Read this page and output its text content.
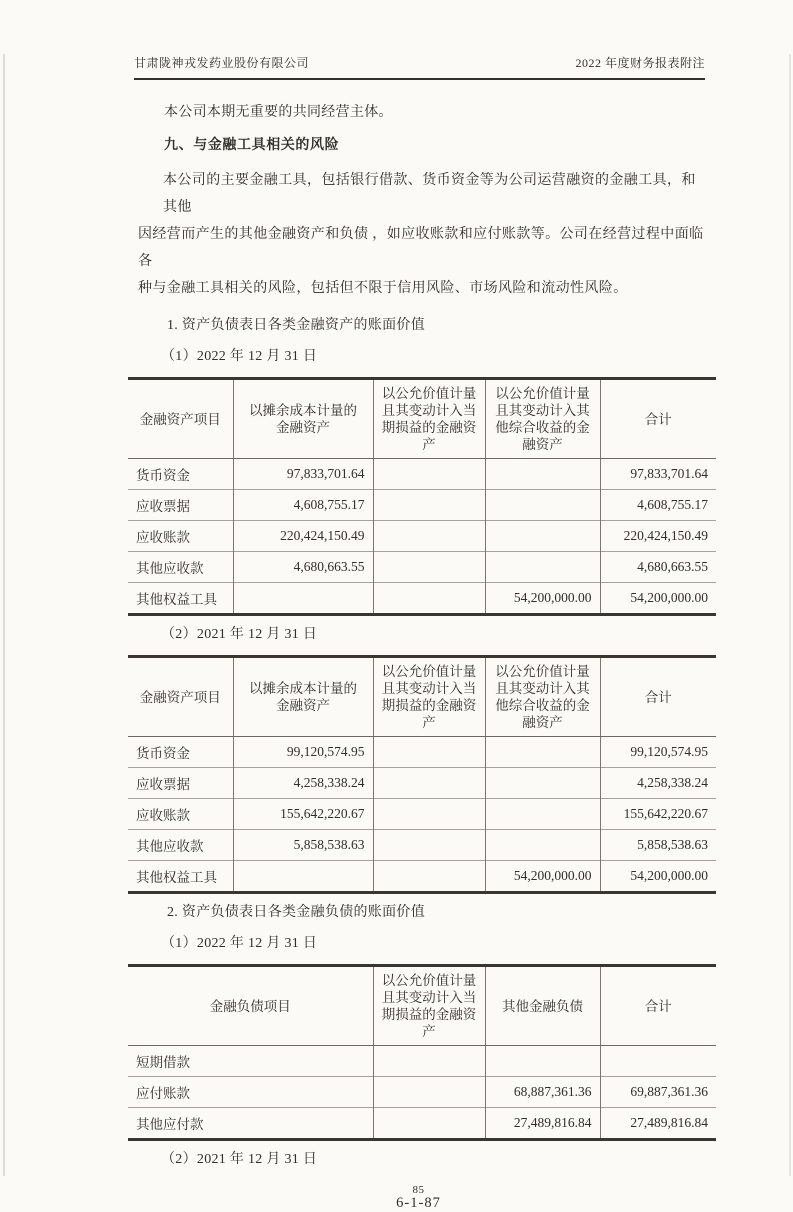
甘肃陇神戎发药业股份有限公司	2022 年度财务报表附注
本公司本期无重要的共同经营主体。
九、与金融工具相关的风险
本公司的主要金融工具，包括银行借款、货币资金等为公司运营融资的金融工具，和其他
因经营而产生的其他金融资产和负债 ，如应收账款和应付账款等。公司在经营过程中面临各
种与金融工具相关的风险，包括但不限于信用风险、市场风险和流动性风险。
1. 资产负债表日各类金融资产的账面价值
（1）2022 年 12 月 31 日
金融资产项目	以摊余成本计量的金融资产	以公允价值计量且其变动计入当期损益的金融资产	以公允价值计量且其变动计入其他综合收益的金融资产	合计
货币资金	97,833,701.64			97,833,701.64
应收票据	4,608,755.17			4,608,755.17
应收账款	220,424,150.49			220,424,150.49
其他应收款	4,680,663.55			4,680,663.55
其他权益工具			54,200,000.00	54,200,000.00
（2）2021 年 12 月 31 日
金融资产项目	以摊余成本计量的金融资产	以公允价值计量且其变动计入当期损益的金融资产	以公允价值计量且其变动计入其他综合收益的金融资产	合计
货币资金	99,120,574.95			99,120,574.95
应收票据	4,258,338.24			4,258,338.24
应收账款	155,642,220.67			155,642,220.67
其他应收款	5,858,538.63			5,858,538.63
其他权益工具			54,200,000.00	54,200,000.00
2. 资产负债表日各类金融负债的账面价值
（1）2022 年 12 月 31 日
金融负债项目	以公允价值计量且其变动计入当期损益的金融资产	其他金融负债	合计
短期借款			
应付账款		68,887,361.36	69,887,361.36
其他应付款		27,489,816.84	27,489,816.84
（2）2021 年 12 月 31 日
85
6-1-87
